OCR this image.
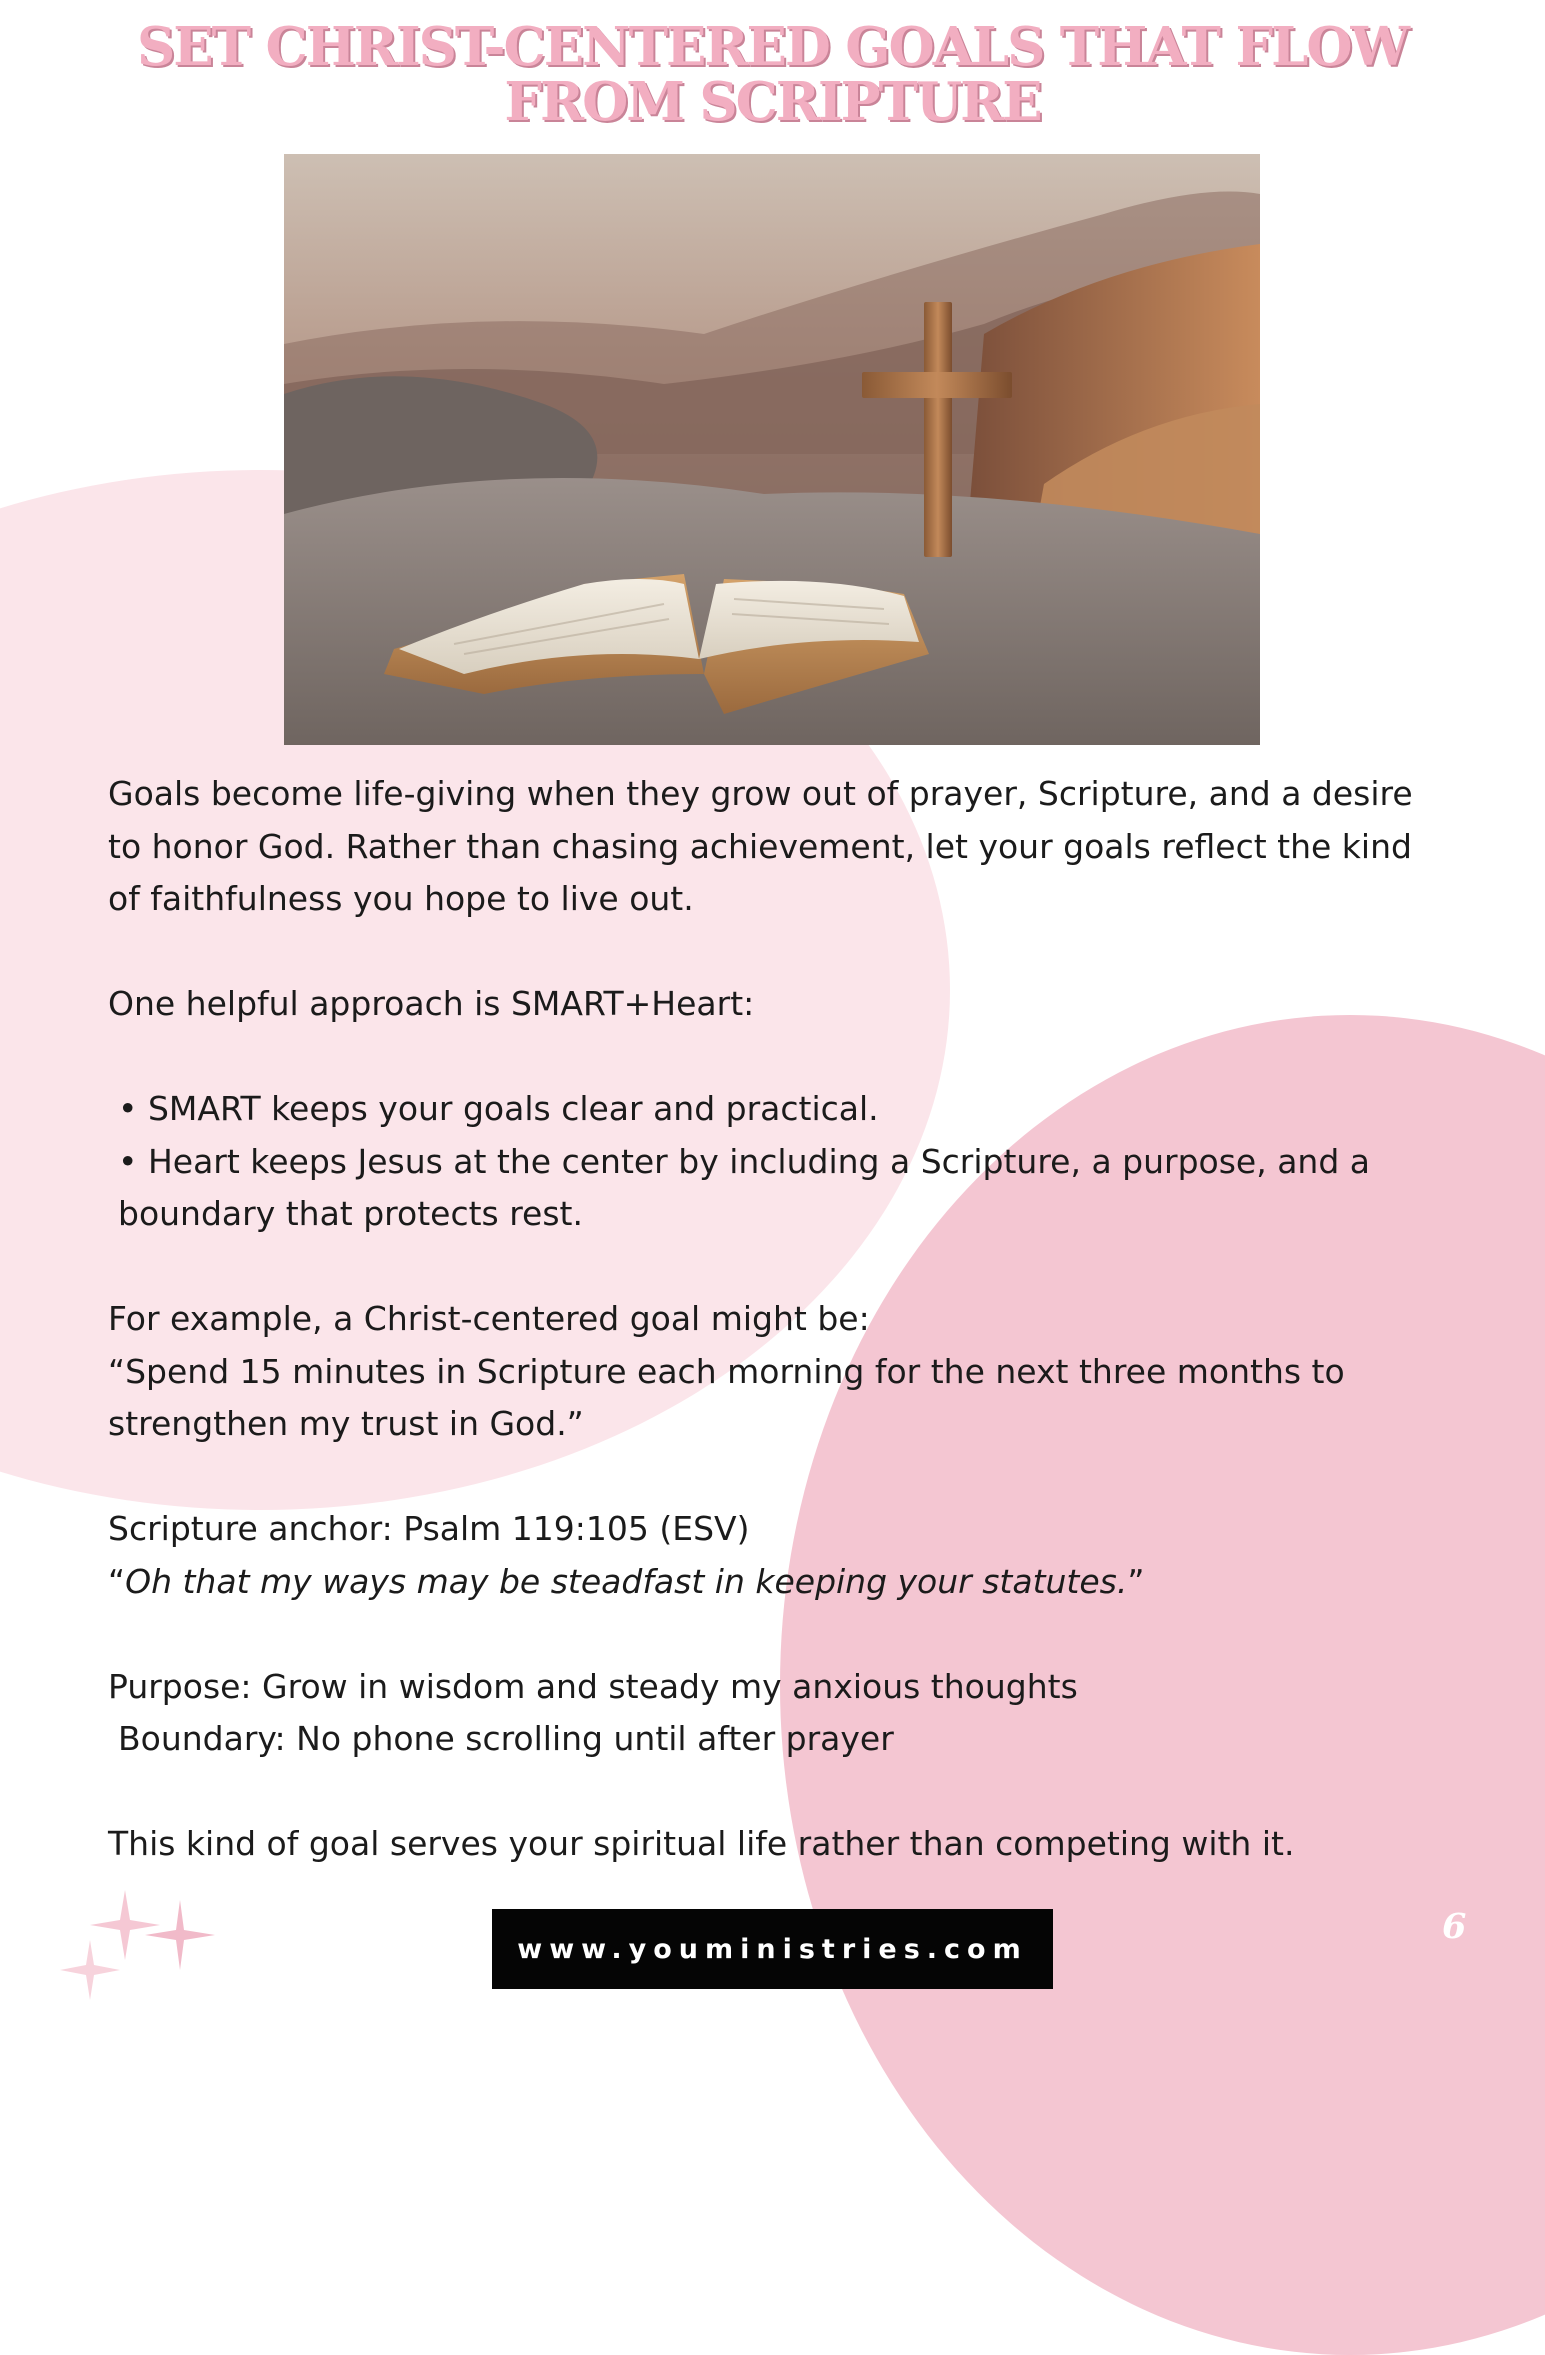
SET CHRIST-CENTERED GOALS THAT FLOW FROM SCRIPTURE

Goals become life-giving when they grow out of prayer, Scripture, and a desire to honor God. Rather than chasing achievement, let your goals reflect the kind of faithfulness you hope to live out.

One helpful approach is SMART+Heart:

• SMART keeps your goals clear and practical.

• Heart keeps Jesus at the center by including a Scripture, a purpose, and a boundary that protects rest.

For example, a Christ-centered goal might be:

“Spend 15 minutes in Scripture each morning for the next three months to strengthen my trust in God.”

Scripture anchor: Psalm 119:105 (ESV)

“Oh that my ways may be steadfast in keeping your statutes.”

Purpose: Grow in wisdom and steady my anxious thoughts

Boundary: No phone scrolling until after prayer

This kind of goal serves your spiritual life rather than competing with it.

www.youministries.com
6
